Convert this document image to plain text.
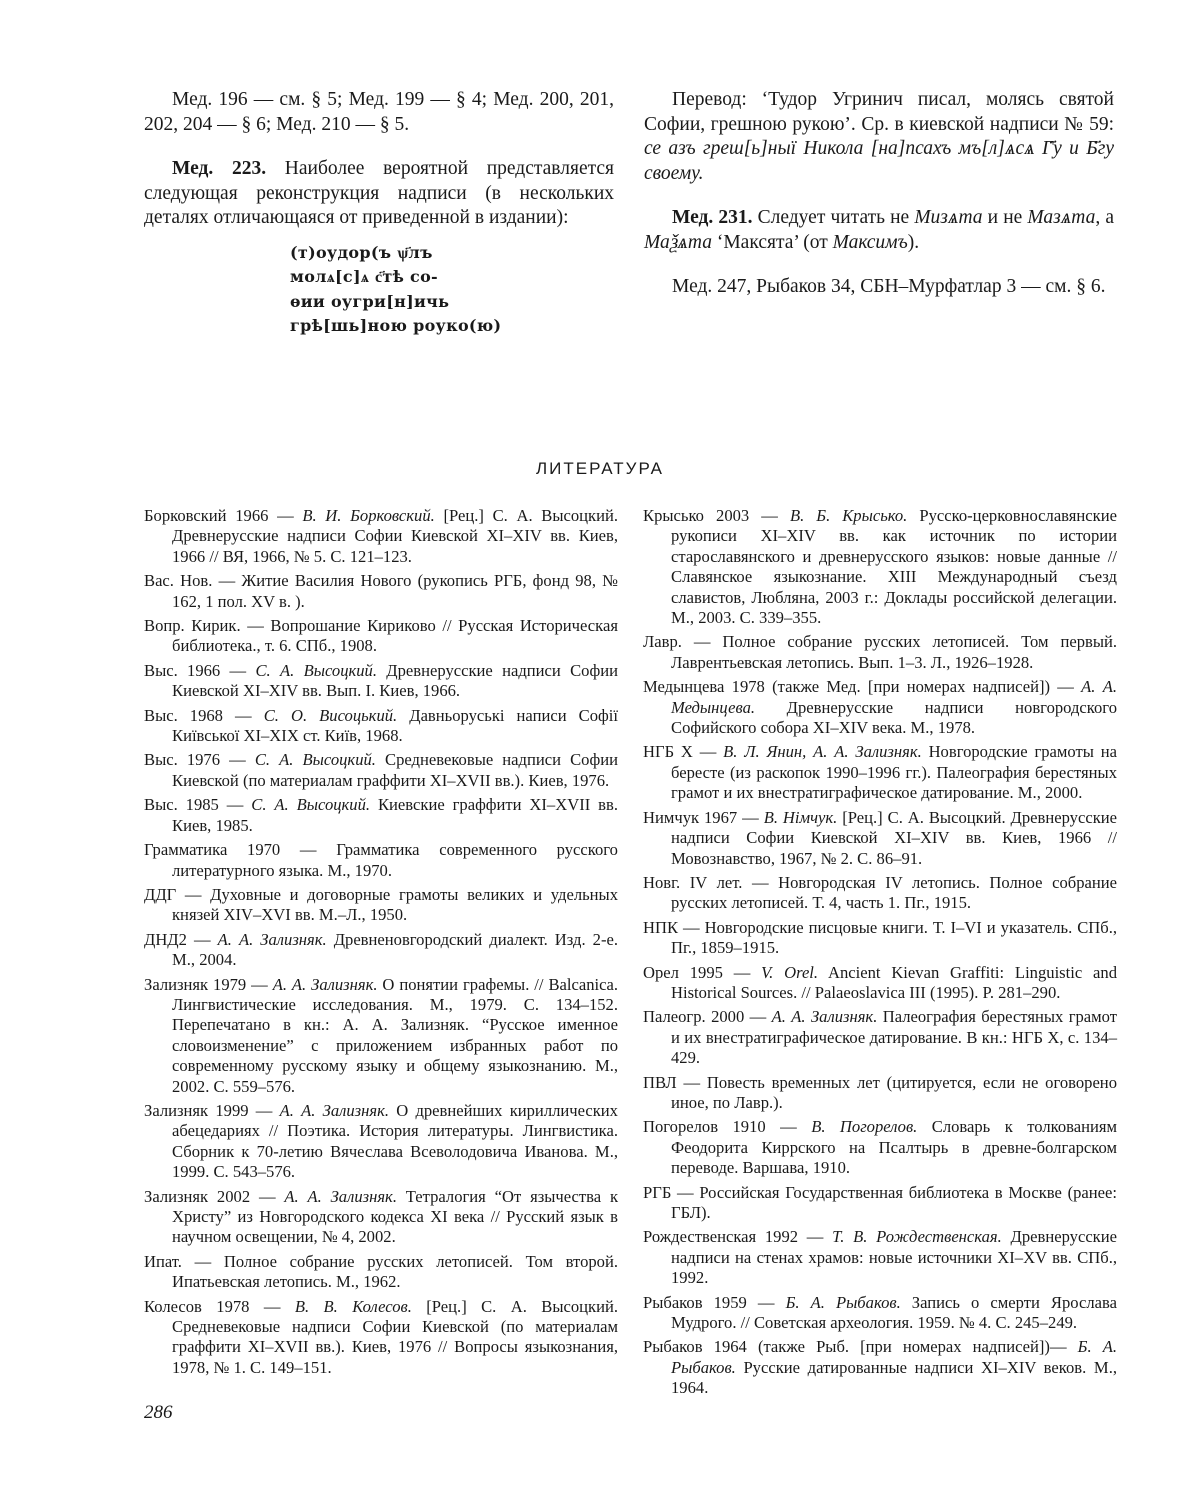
Мед. 196 — см. § 5; Мед. 199 — § 4; Мед. 200, 201, 202, 204 — § 6; Мед. 210 — § 5.

Мед. 223. Наиболее вероятной представляется следующая реконструкция надписи (в нескольких деталях отличающаяся от приведенной в издании):

(т)оудор(ъ ѱ҃лъ
молѧ[с]ѧ с҃тѣ со-
ѳии оугри[н]ичь
грѣ[шь]ною роуко(ю)

Перевод: ‘Тудор Угринич писал, молясь святой Софии, грешною рукою’. Ср. в киевской надписи № 59: се азъ греш[ь]ныї Никола [на]псахъ мъ[л]ѧсѧ Г҃у и Б҃гу своему.

Мед. 231. Следует читать не Мизѧта и не Мазѧта, а Маѯѧта ‘Максята’ (от Максимъ).

Мед. 247, Рыбаков 34, СБН–Мурфатлар 3 — см. § 6.

ЛИТЕРАТУРА
Борковский 1966 — В. И. Борковский. [Рец.] С. А. Высоцкий. Древнерусские надписи Софии Киевской XI–XIV вв. Киев, 1966 // ВЯ, 1966, № 5. С. 121–123.
Вас. Нов. — Житие Василия Нового (рукопись РГБ, фонд 98, № 162, 1 пол. XV в. ).
Вопр. Кирик. — Вопрошание Кириково // Русская Историческая библиотека., т. 6. СПб., 1908.
Выс. 1966 — С. А. Высоцкий. Древнерусские надписи Софии Киевской XI–XIV вв. Вып. I. Киев, 1966.
Выс. 1968 — С. О. Висоцький. Давньоруські написи Софії Київської XI–XIX ст. Київ, 1968.
Выс. 1976 — С. А. Высоцкий. Средневековые надписи Софии Киевской (по материалам граффити XI–XVII вв.). Киев, 1976.
Выс. 1985 — С. А. Высоцкий. Киевские граффити XI–XVII вв. Киев, 1985.
Грамматика 1970 — Грамматика современного русского литературного языка. М., 1970.
ДДГ — Духовные и договорные грамоты великих и удельных князей XIV–XVI вв. М.–Л., 1950.
ДНД2 — А. А. Зализняк. Древненовгородский диалект. Изд. 2-е. М., 2004.
Зализняк 1979 — А. А. Зализняк. О понятии графемы. // Balcanica. Лингвистические исследования. М., 1979. С. 134–152. Перепечатано в кн.: А. А. Зализняк. “Русское именное словоизменение” с приложением избранных работ по современному русскому языку и общему языкознанию. М., 2002. С. 559–576.
Зализняк 1999 — А. А. Зализняк. О древнейших кириллических абецедариях // Поэтика. История литературы. Лингвистика. Сборник к 70-летию Вячеслава Всеволодовича Иванова. М., 1999. С. 543–576.
Зализняк 2002 — А. А. Зализняк. Тетралогия “От язычества к Христу” из Новгородского кодекса XI века // Русский язык в научном освещении, № 4, 2002.
Ипат. — Полное собрание русских летописей. Том второй. Ипатьевская летопись. М., 1962.
Колесов 1978 — В. В. Колесов. [Рец.] С. А. Высоцкий. Средневековые надписи Софии Киевской (по материалам граффити XI–XVII вв.). Киев, 1976 // Вопросы языкознания, 1978, № 1. С. 149–151.
Крысько 2003 — В. Б. Крысько. Русско-церковнославянские рукописи XI–XIV вв. как источник по истории старославянского и древнерусского языков: новые данные // Славянское языкознание. XIII Международный съезд славистов, Любляна, 2003 г.: Доклады российской делегации. М., 2003. С. 339–355.
Лавр. — Полное собрание русских летописей. Том первый. Лаврентьевская летопись. Вып. 1–3. Л., 1926–1928.
Медынцева 1978 (также Мед. [при номерах надписей]) — А. А. Медынцева. Древнерусские надписи новгородского Софийского собора XI–XIV века. М., 1978.
НГБ X — В. Л. Янин, А. А. Зализняк. Новгородские грамоты на бересте (из раскопок 1990–1996 гг.). Палеография берестяных грамот и их внестратиграфическое датирование. М., 2000.
Нимчук 1967 — В. Німчук. [Рец.] С. А. Высоцкий. Древнерусские надписи Софии Киевской XI–XIV вв. Киев, 1966 // Мовознавство, 1967, № 2. С. 86–91.
Новг. IV лет. — Новгородская IV летопись. Полное собрание русских летописей. Т. 4, часть 1. Пг., 1915.
НПК — Новгородские писцовые книги. Т. I–VI и указатель. СПб., Пг., 1859–1915.
Орел 1995 — V. Orel. Ancient Kievan Graffiti: Linguistic and Historical Sources. // Palaeoslavica III (1995). P. 281–290.
Палеогр. 2000 — А. А. Зализняк. Палеография берестяных грамот и их внестратиграфическое датирование. В кн.: НГБ X, с. 134–429.
ПВЛ — Повесть временных лет (цитируется, если не оговорено иное, по Лавр.).
Погорелов 1910 — В. Погорелов. Словарь к толкованиям Феодорита Киррского на Псалтырь в древне-болгарском переводе. Варшава, 1910.
РГБ — Российская Государственная библиотека в Москве (ранее: ГБЛ).
Рождественская 1992 — Т. В. Рождественская. Древнерусские надписи на стенах храмов: новые источники XI–XV вв. СПб., 1992.
Рыбаков 1959 — Б. А. Рыбаков. Запись о смерти Ярослава Мудрого. // Советская археология. 1959. № 4. С. 245–249.
Рыбаков 1964 (также Рыб. [при номерах надписей])— Б. А. Рыбаков. Русские датированные надписи XI–XIV веков. М., 1964.
286
